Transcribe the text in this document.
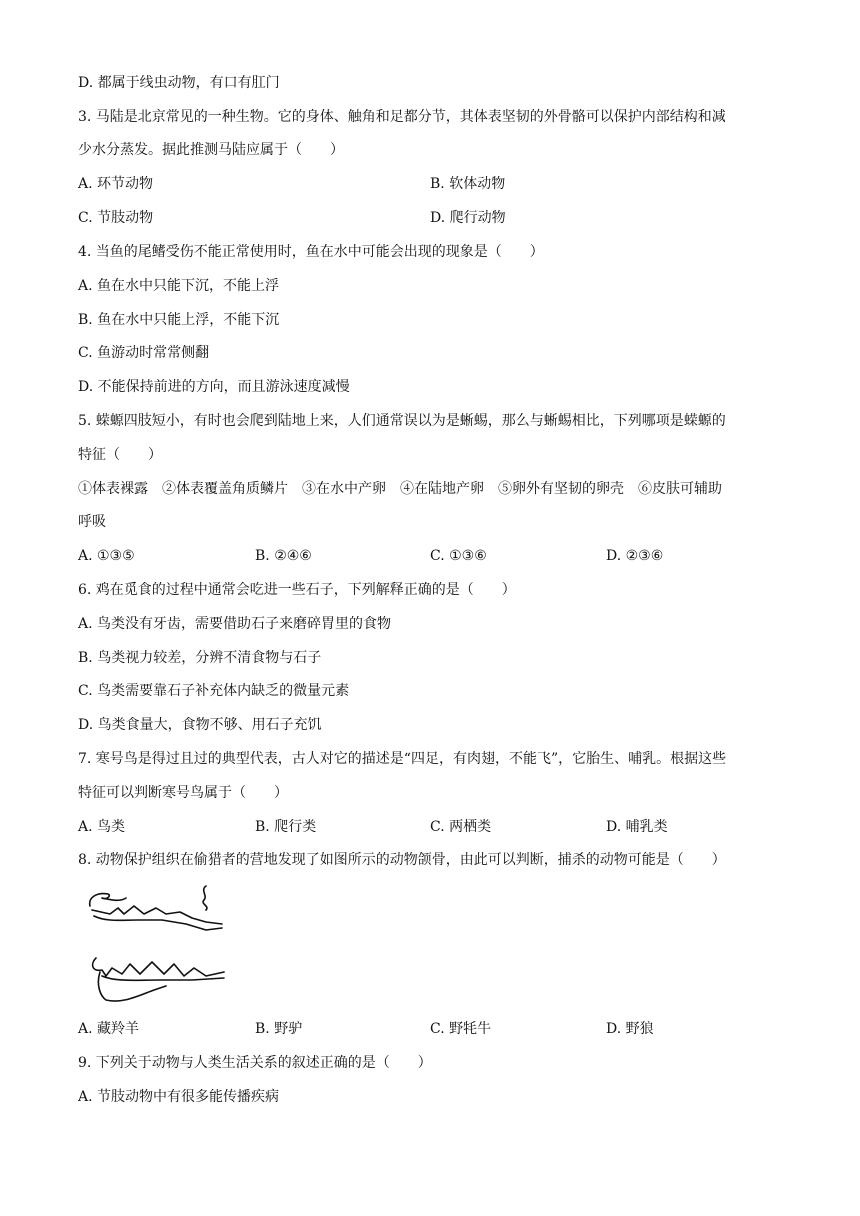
D. 都属于线虫动物，有口有肛门
3. 马陆是北京常见的一种生物。它的身体、触角和足都分节，其体表坚韧的外骨骼可以保护内部结构和减
少水分蒸发。据此推测马陆应属于（　　）
A. 环节动物	B. 软体动物
C. 节肢动物	D. 爬行动物
4. 当鱼的尾鳍受伤不能正常使用时，鱼在水中可能会出现的现象是（　　）
A. 鱼在水中只能下沉，不能上浮
B. 鱼在水中只能上浮，不能下沉
C. 鱼游动时常常侧翻
D. 不能保持前进的方向，而且游泳速度减慢
5. 蝾螈四肢短小，有时也会爬到陆地上来，人们通常误以为是蜥蜴，那么与蜥蜴相比，下列哪项是蝾螈的
特征（　　）
①体表裸露　②体表覆盖角质鳞片　③在水中产卵　④在陆地产卵　⑤卵外有坚韧的卵壳　⑥皮肤可辅助
呼吸
A. ①③⑤	B. ②④⑥	C. ①③⑥	D. ②③⑥
6. 鸡在觅食的过程中通常会吃进一些石子，下列解释正确的是（　　）
A. 鸟类没有牙齿，需要借助石子来磨碎胃里的食物
B. 鸟类视力较差，分辨不清食物与石子
C. 鸟类需要靠石子补充体内缺乏的微量元素
D. 鸟类食量大，食物不够、用石子充饥
7. 寒号鸟是得过且过的典型代表，古人对它的描述是“四足，有肉翅，不能飞”，它胎生、哺乳。根据这些
特征可以判断寒号鸟属于（　　）
A. 鸟类	B. 爬行类	C. 两栖类	D. 哺乳类
8. 动物保护组织在偷猎者的营地发现了如图所示的动物颌骨，由此可以判断，捕杀的动物可能是（　　）
A. 藏羚羊	B. 野驴	C. 野牦牛	D. 野狼
9. 下列关于动物与人类生活关系的叙述正确的是（　　）
A. 节肢动物中有很多能传播疾病
